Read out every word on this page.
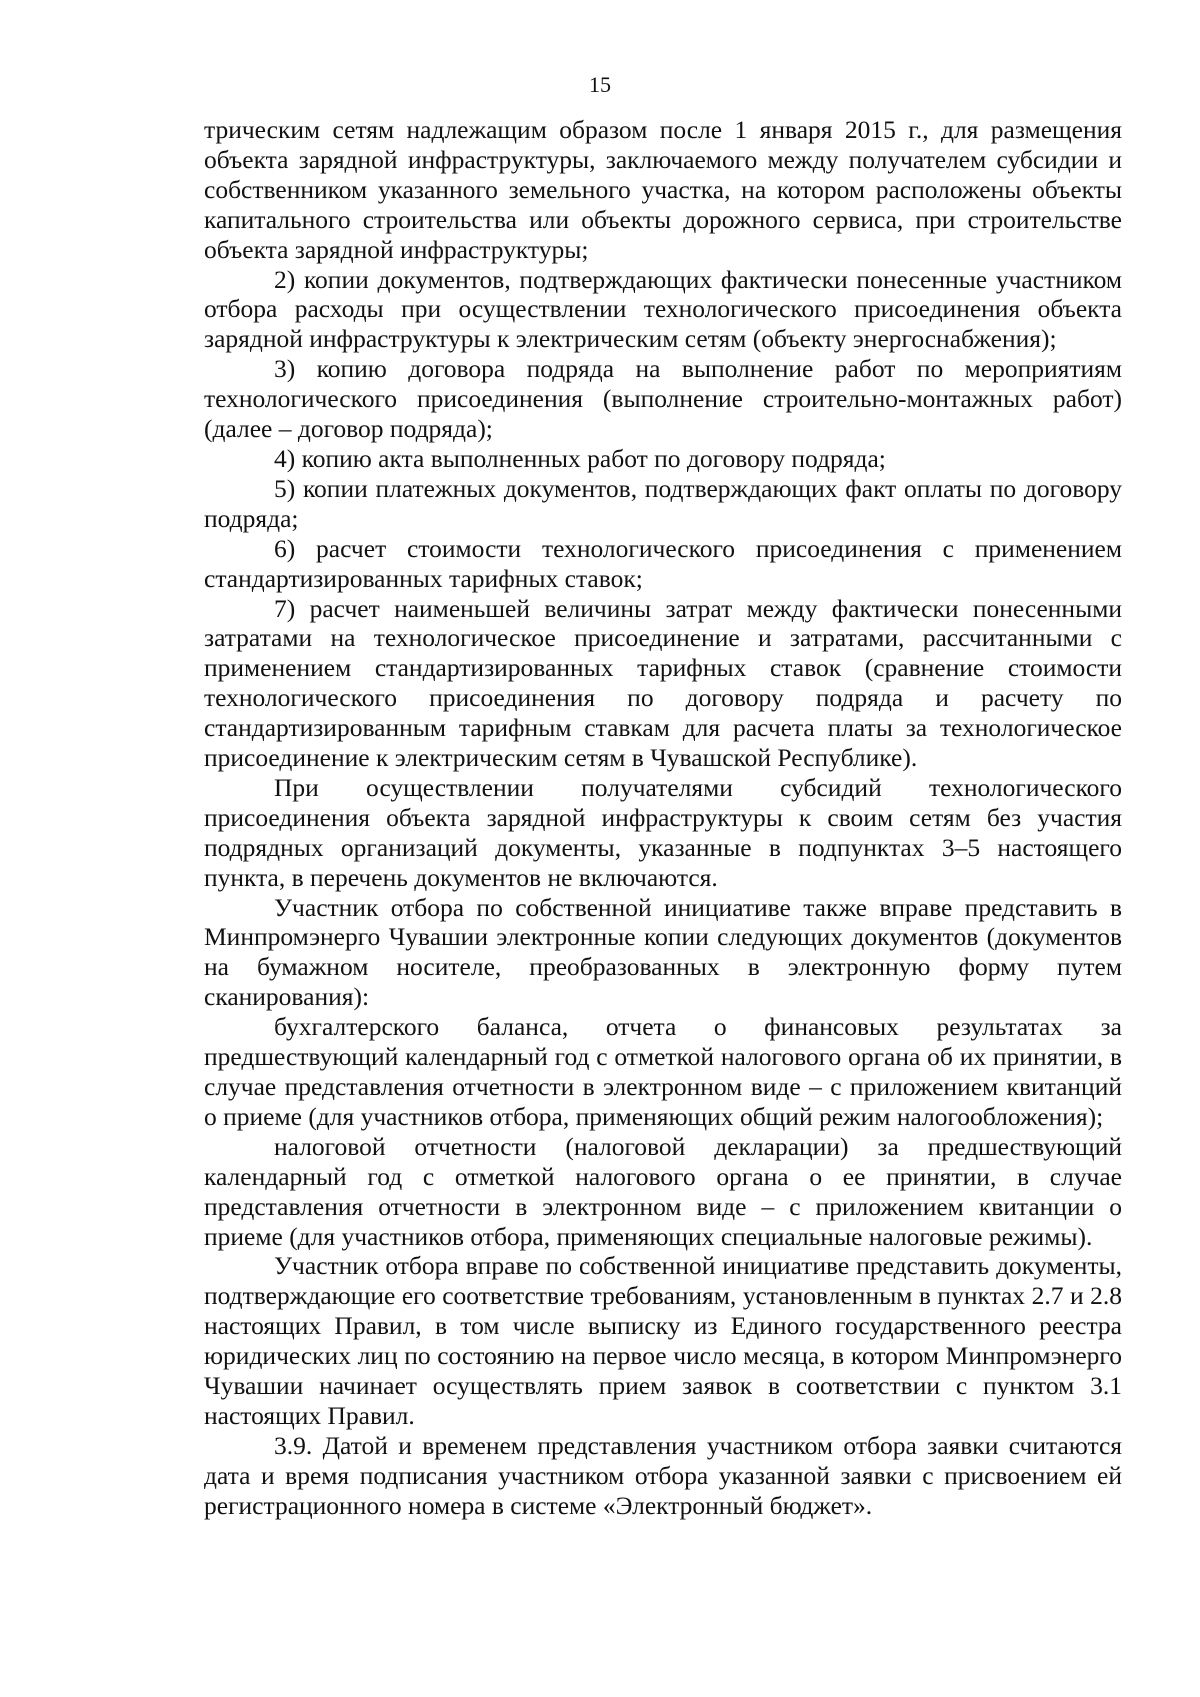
15

трическим сетям надлежащим образом после 1 января 2015 г., для размещения объекта зарядной инфраструктуры, заключаемого между получателем субсидии и собственником указанного земельного участка, на котором расположены объекты капитального строительства или объекты дорожного сервиса, при строительстве объекта зарядной инфраструктуры;

2) копии документов, подтверждающих фактически понесенные участником отбора расходы при осуществлении технологического присоединения объекта зарядной инфраструктуры к электрическим сетям (объекту энергоснабжения);

3) копию договора подряда на выполнение работ по мероприятиям технологического присоединения (выполнение строительно-монтажных работ) (далее – договор подряда);

4) копию акта выполненных работ по договору подряда;

5) копии платежных документов, подтверждающих факт оплаты по договору подряда;

6) расчет стоимости технологического присоединения с применением стандартизированных тарифных ставок;

7) расчет наименьшей величины затрат между фактически понесенными затратами на технологическое присоединение и затратами, рассчитанными с применением стандартизированных тарифных ставок (сравнение стоимости технологического присоединения по договору подряда и расчету по стандартизированным тарифным ставкам для расчета платы за технологическое присоединение к электрическим сетям в Чувашской Республике).

При осуществлении получателями субсидий технологического присоединения объекта зарядной инфраструктуры к своим сетям без участия подрядных организаций документы, указанные в подпунктах 3–5 настоящего пункта, в перечень документов не включаются.

Участник отбора по собственной инициативе также вправе представить в Минпромэнерго Чувашии электронные копии следующих документов (документов на бумажном носителе, преобразованных в электронную форму путем сканирования):

бухгалтерского баланса, отчета о финансовых результатах за предшествующий календарный год с отметкой налогового органа об их принятии, в случае представления отчетности в электронном виде – с приложением квитанций о приеме (для участников отбора, применяющих общий режим налогообложения);

налоговой отчетности (налоговой декларации) за предшествующий календарный год с отметкой налогового органа о ее принятии, в случае представления отчетности в электронном виде – с приложением квитанции о приеме (для участников отбора, применяющих специальные налоговые режимы).

Участник отбора вправе по собственной инициативе представить документы, подтверждающие его соответствие требованиям, установленным в пунктах 2.7 и 2.8 настоящих Правил, в том числе выписку из Единого государственного реестра юридических лиц по состоянию на первое число месяца, в котором Минпромэнерго Чувашии начинает осуществлять прием заявок в соответствии с пунктом 3.1 настоящих Правил.

3.9. Датой и временем представления участником отбора заявки считаются дата и время подписания участником отбора указанной заявки с присвоением ей регистрационного номера в системе «Электронный бюджет».
